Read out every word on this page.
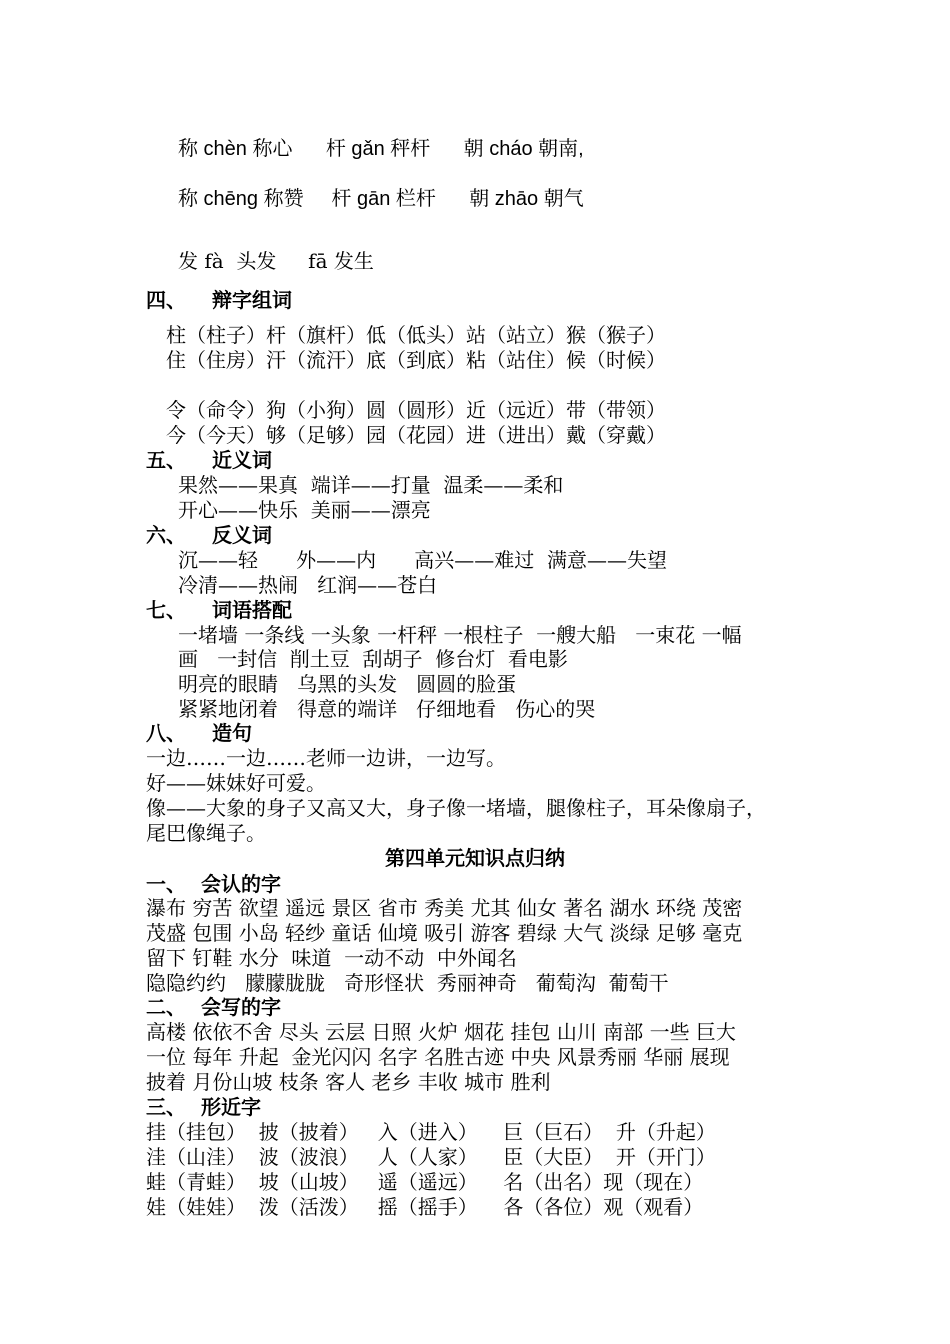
称 chèn 称心      杆 gǎn 秤杆      朝 cháo 朝南,
称 chēng 称赞     杆 gān 栏杆      朝 zhāo 朝气
发 fà  头发     fā 发生
四、 辩字组词
柱（柱子）杆（旗杆）低（低头）站（站立）猴（猴子）
住（住房）汗（流汗）底（到底）粘（站住）候（时候）
令（命令）狗（小狗）圆（圆形）近（远近）带（带领）
今（今天）够（足够）园（花园）进（进出）戴（穿戴）
五、 近义词
果然——果真  端详——打量  温柔——柔和
开心——快乐  美丽——漂亮
六、 反义词
沉——轻      外——内      高兴——难过  满意——失望
冷清——热闹   红润——苍白
七、 词语搭配
一堵墙 一条线 一头象 一杆秤 一根柱子  一艘大船   一束花 一幅
画   一封信  削土豆  刮胡子  修台灯  看电影
明亮的眼睛   乌黑的头发   圆圆的脸蛋
紧紧地闭着   得意的端详   仔细地看   伤心的哭
八、 造句
一边……一边……老师一边讲，一边写。
好——妹妹好可爱。
像——大象的身子又高又大，身子像一堵墙，腿像柱子，耳朵像扇子，
尾巴像绳子。
第四单元知识点归纳
一、 会认的字
瀑布 穷苦 欲望 遥远 景区 省市 秀美 尤其 仙女 著名 湖水 环绕 茂密
茂盛 包围 小岛 轻纱 童话 仙境 吸引 游客 碧绿 大气 淡绿 足够 毫克
留下 钉鞋 水分  味道  一动不动  中外闻名
隐隐约约   朦朦胧胧   奇形怪状  秀丽神奇   葡萄沟  葡萄干
二、 会写的字
高楼 依依不舍 尽头 云层 日照 火炉 烟花 挂包 山川 南部 一些 巨大
一位 每年 升起  金光闪闪 名字 名胜古迹 中央 风景秀丽 华丽 展现
披着 月份山坡 枝条 客人 老乡 丰收 城市 胜利
三、 形近字
挂（挂包）  披（披着）   入（进入）    巨（巨石）  升（升起）
洼（山洼）  波（波浪）   人（人家）    臣（大臣）  开（开门）
蛙（青蛙）  坡（山坡）   遥（遥远）    名（出名）现（现在）
娃（娃娃）  泼（活泼）   摇（摇手）    各（各位）观（观看）
